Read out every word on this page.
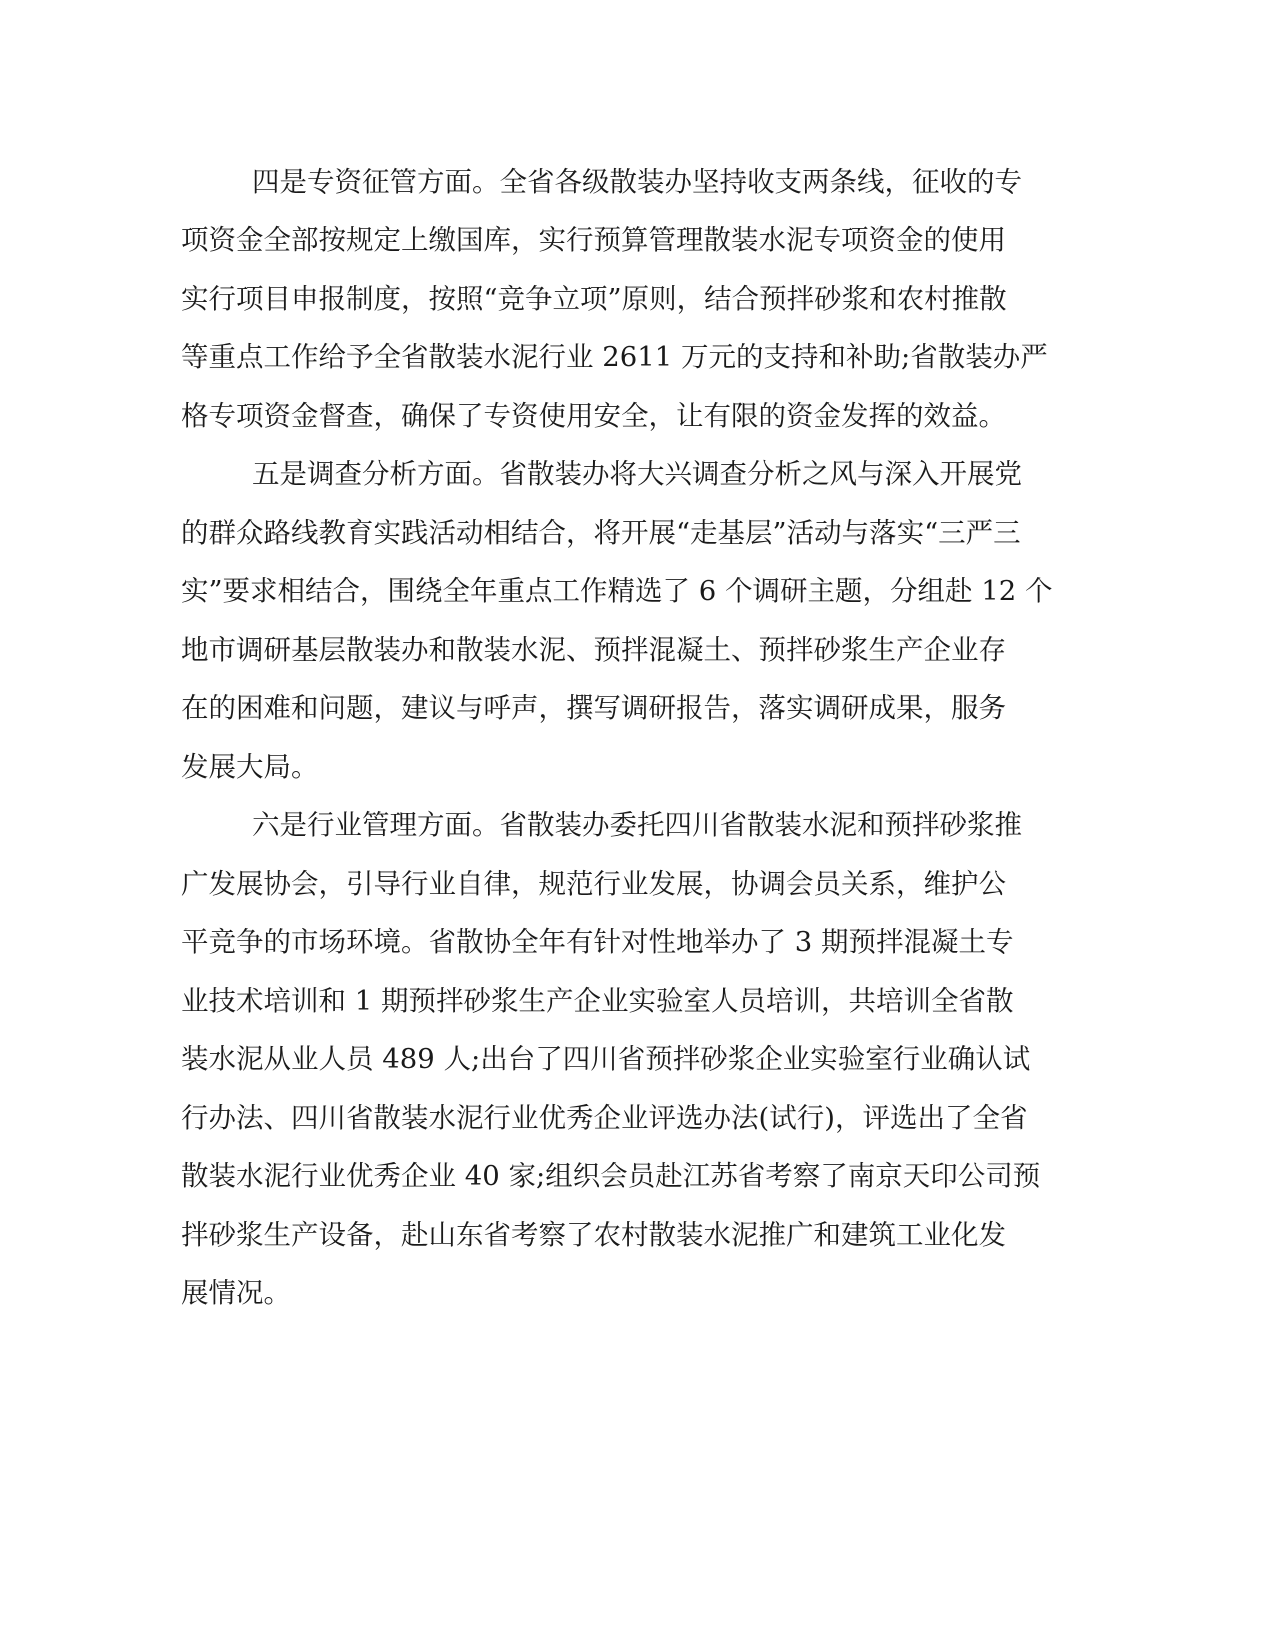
四是专资征管方面。全省各级散装办坚持收支两条线，征收的专

项资金全部按规定上缴国库，实行预算管理散装水泥专项资金的使用

实行项目申报制度，按照“竞争立项”原则，结合预拌砂浆和农村推散

等重点工作给予全省散装水泥行业 2611 万元的支持和补助;省散装办严

格专项资金督查，确保了专资使用安全，让有限的资金发挥的效益。

五是调查分析方面。省散装办将大兴调查分析之风与深入开展党

的群众路线教育实践活动相结合，将开展“走基层”活动与落实“三严三

实”要求相结合，围绕全年重点工作精选了 6 个调研主题，分组赴 12 个

地市调研基层散装办和散装水泥、预拌混凝土、预拌砂浆生产企业存

在的困难和问题，建议与呼声，撰写调研报告，落实调研成果，服务

发展大局。

六是行业管理方面。省散装办委托四川省散装水泥和预拌砂浆推

广发展协会，引导行业自律，规范行业发展，协调会员关系，维护公

平竞争的市场环境。省散协全年有针对性地举办了 3 期预拌混凝土专

业技术培训和 1 期预拌砂浆生产企业实验室人员培训，共培训全省散

装水泥从业人员 489 人;出台了四川省预拌砂浆企业实验室行业确认试

行办法、四川省散装水泥行业优秀企业评选办法(试行)，评选出了全省

散装水泥行业优秀企业 40 家;组织会员赴江苏省考察了南京天印公司预

拌砂浆生产设备，赴山东省考察了农村散装水泥推广和建筑工业化发

展情况。
